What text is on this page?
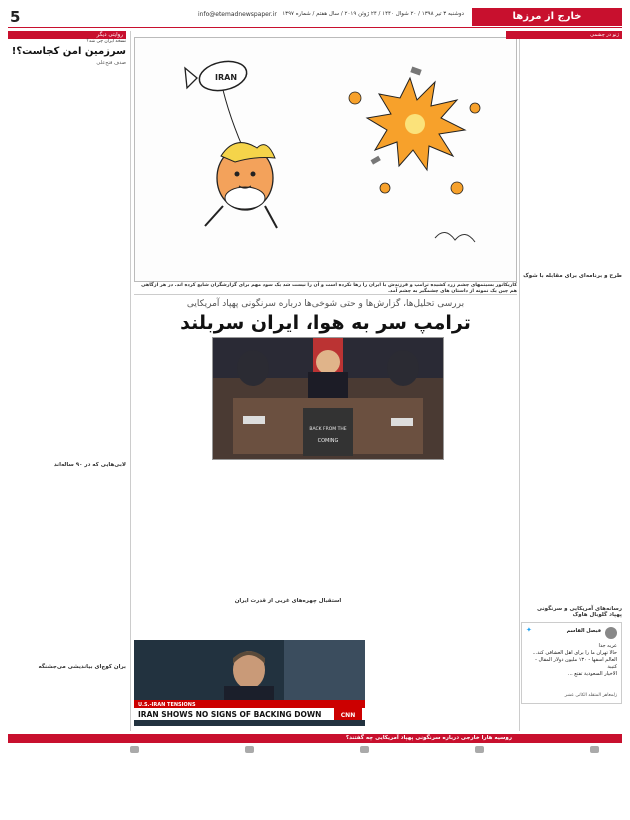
خارج از مرزها
دوشنبه ۳ تیر ۱۳۹۸ / ۲۰ شوال ۱۴۴۰ / ۲۴ ژوئن ۲۰۱۹ / سال هفتم / شماره ۱۳۹۷
info@etemadnewspaper.ir
5
روایتی دیگر
نسخه ایران چی شد؟
سرزمین امن کجاست؟!
صدف فتح‌علی
لابی‌هایی که در ۹۰ ساله‌اند
بران کوچ‌ای بیاندیشی می‌جشنگه
IRAN
کاریکاتور بسیتمهای چشم زرد کشیده ترامپ و فرزندش با ایران را رها نکرده است و آن را نیست شد یک سود مهم برای گزارشگران شایع کرده اند. در هر ازگاهی هم چین یک نمونه از داستان های چشمگیر به چشم آمد.
بررسی تحلیل‌ها، گزارش‌ها و حتی شوخی‌ها درباره سرنگونی پهپاد آمریکایی
ترامپ سر به هوا، ایران سربلند
BACK FROM THE
COMING
استقبال چهره‌های غربی از قدرت ایران
U.S.-IRAN TENSIONS
IRAN SHOWS NO SIGNS OF BACKING DOWN	CNN
ژنو در چشمی
طرح و برنامه‌ای برای مقابله با شوک
رسانه‌های آمریکایی و سرنگونی پهپاد گلوبال هاوک
فیصل القاسم
✦
عربه جدا
حالا تهران ما را برای اهل العشاقی کند...
العالم اسفها - ۱۳۰ ملیون دولار المقال - کتیبة
الاخیار السعودیة تفتع ...
زلمعاهر المتقلد الکاتی عشر
روسیه هارا خارجی درباره سرنگونی پهپاد آمریکایی چه گفتند؟
